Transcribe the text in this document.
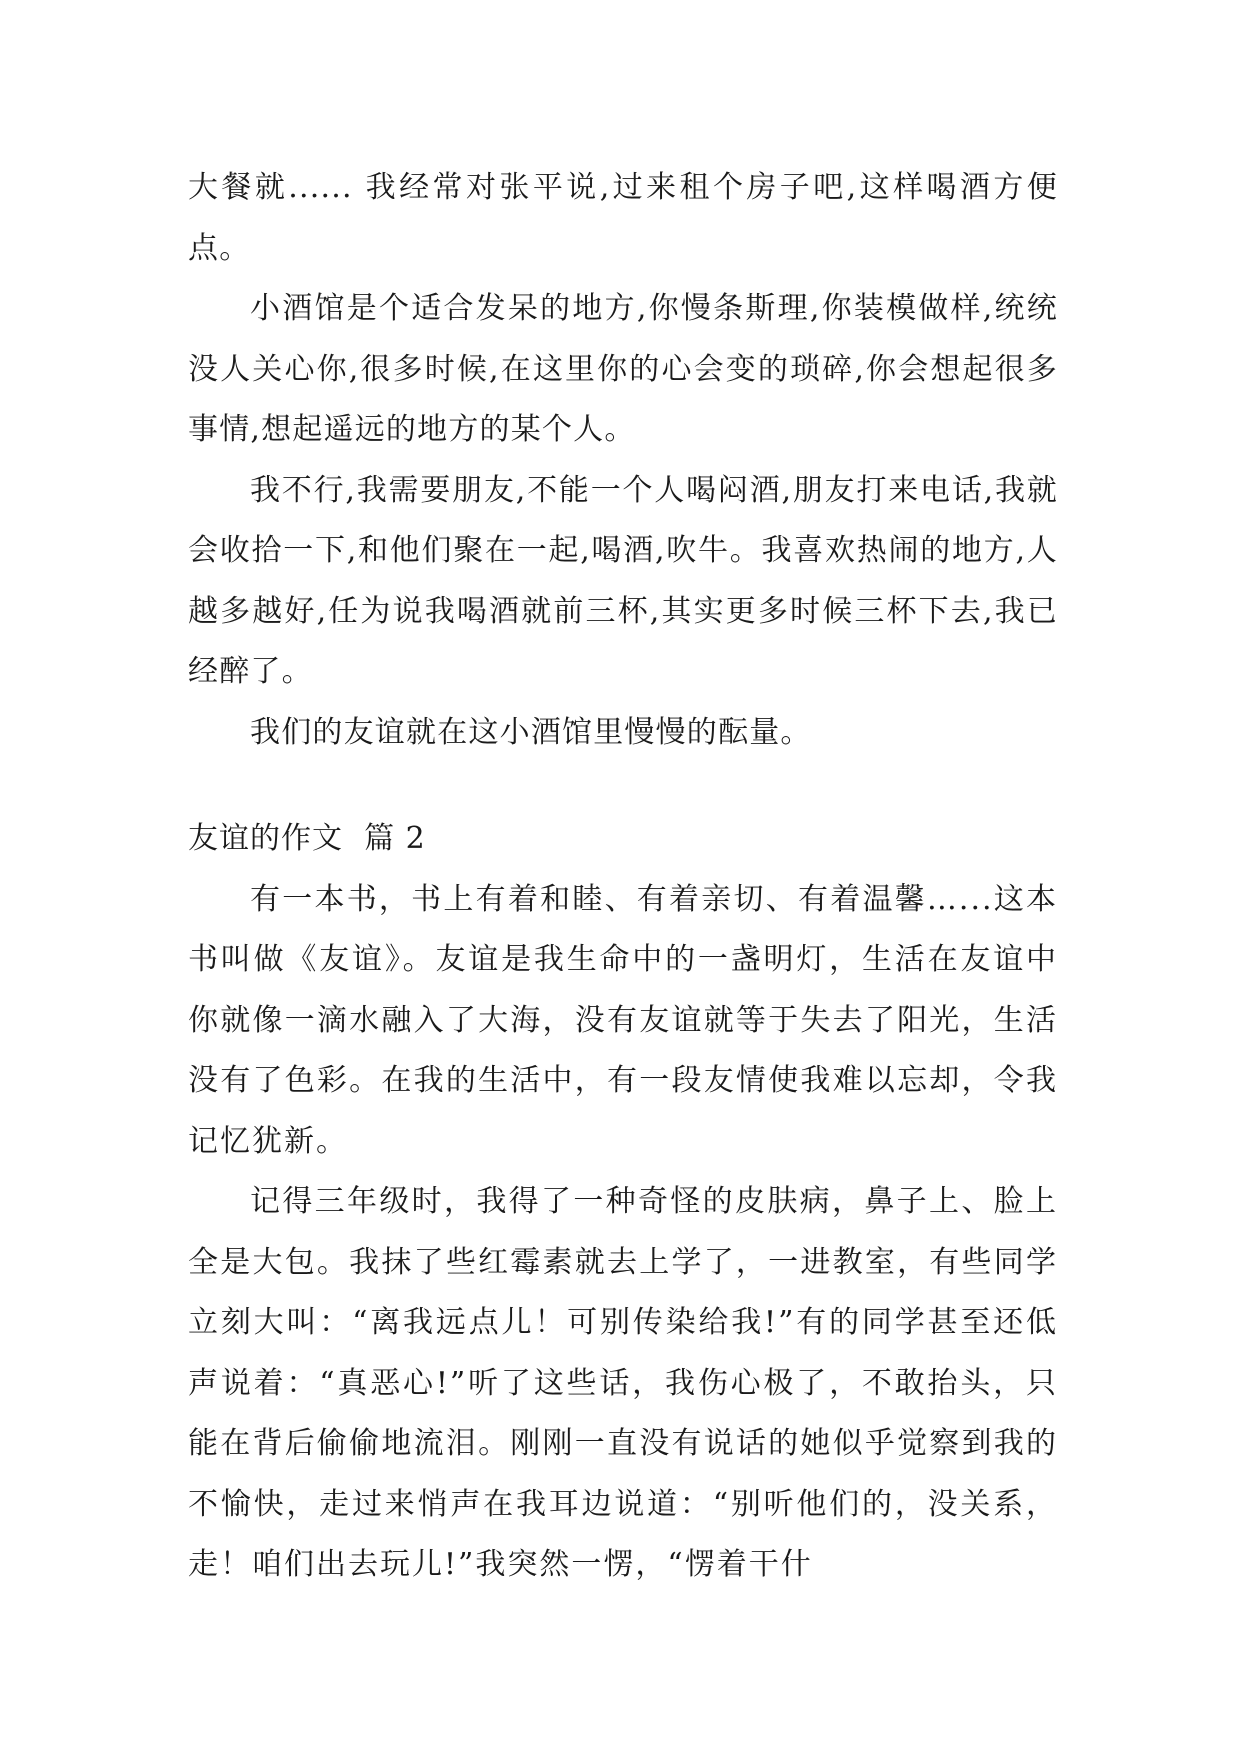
大餐就...... 我经常对张平说,过来租个房子吧,这样喝酒方便点。

小酒馆是个适合发呆的地方,你慢条斯理,你装模做样,统统没人关心你,很多时候,在这里你的心会变的琐碎,你会想起很多事情,想起遥远的地方的某个人。

我不行,我需要朋友,不能一个人喝闷酒,朋友打来电话,我就会收拾一下,和他们聚在一起,喝酒,吹牛。我喜欢热闹的地方,人越多越好,任为说我喝酒就前三杯,其实更多时候三杯下去,我已经醉了。

我们的友谊就在这小酒馆里慢慢的酝量。

友谊的作文  篇 2

有一本书，书上有着和睦、有着亲切、有着温馨…...这本书叫做《友谊》。友谊是我生命中的一盏明灯，生活在友谊中你就像一滴水融入了大海，没有友谊就等于失去了阳光，生活没有了色彩。在我的生活中，有一段友情使我难以忘却，令我记忆犹新。

记得三年级时，我得了一种奇怪的皮肤病，鼻子上、脸上全是大包。我抹了些红霉素就去上学了，一进教室，有些同学立刻大叫：“离我远点儿！可别传染给我!”有的同学甚至还低声说着：“真恶心!”听了这些话，我伤心极了，不敢抬头，只能在背后偷偷地流泪。刚刚一直没有说话的她似乎觉察到我的不愉快，走过来悄声在我耳边说道：“别听他们的，没关系，走！咱们出去玩儿!”我突然一愣，“愣着干什
